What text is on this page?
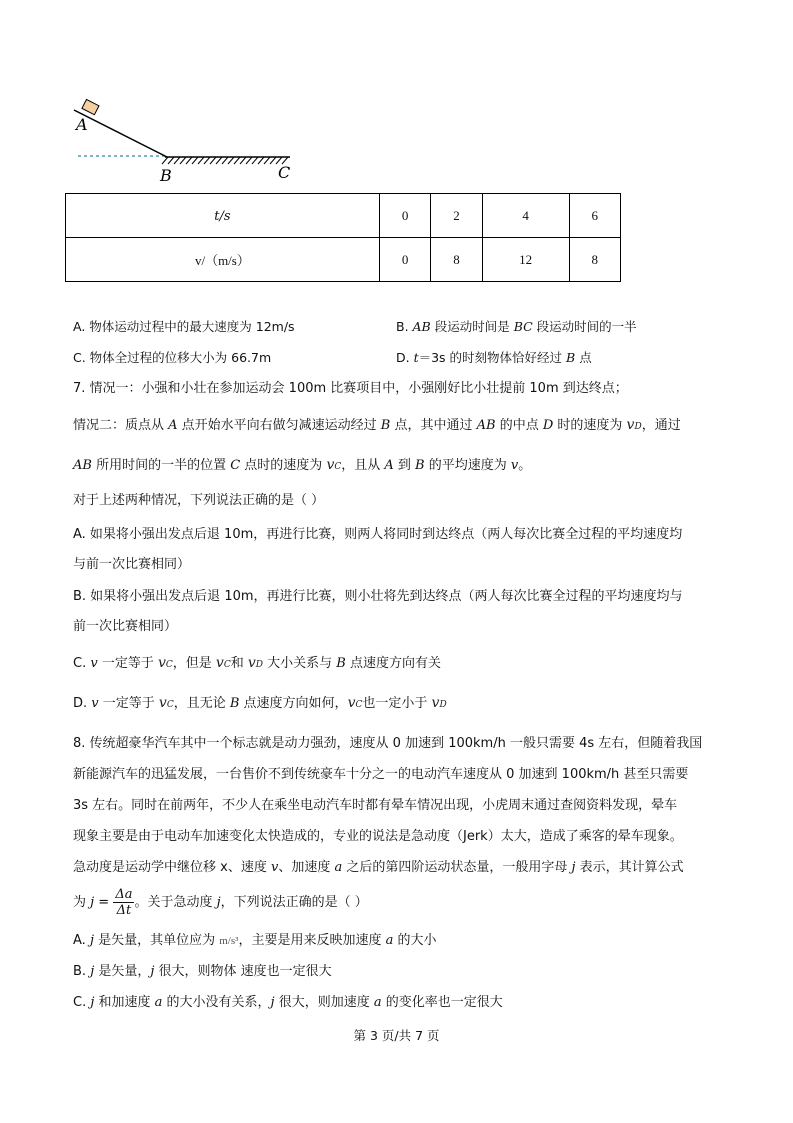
A
B	C
t/s	0	2	4	6
v/（m/s）	0	8	12	8
A. 物体运动过程中的最大速度为 12m/s	B. AB 段运动时间是 BC 段运动时间的一半
C. 物体全过程的位移大小为 66.7m	D. t＝3s 的时刻物体恰好经过 B 点
7. 情况一：小强和小壮在参加运动会 100m 比赛项目中，小强刚好比小壮提前 10m 到达终点；
情况二：质点从 A 点开始水平向右做匀减速运动经过 B 点，其中通过 AB 的中点 D 时的速度为 vD，通过
AB 所用时间的一半的位置 C 点时的速度为 vC，且从 A 到 B 的平均速度为 v。
对于上述两种情况，下列说法正确的是（ ）
A. 如果将小强出发点后退 10m，再进行比赛，则两人将同时到达终点（两人每次比赛全过程的平均速度均
与前一次比赛相同）
B. 如果将小强出发点后退 10m，再进行比赛，则小壮将先到达终点（两人每次比赛全过程的平均速度均与
前一次比赛相同）
C. v 一定等于 vC，但是 vC和 vD 大小关系与 B 点速度方向有关
D. v 一定等于 vC，且无论 B 点速度方向如何，vC也一定小于 vD
8. 传统超豪华汽车其中一个标志就是动力强劲，速度从 0 加速到 100km/h 一般只需要 4s 左右，但随着我国
新能源汽车的迅猛发展，一台售价不到传统豪车十分之一的电动汽车速度从 0 加速到 100km/h 甚至只需要
3s 左右。同时在前两年，不少人在乘坐电动汽车时都有晕车情况出现，小虎周末通过查阅资料发现，晕车
现象主要是由于电动车加速变化太快造成的，专业的说法是急动度（Jerk）太大，造成了乘客的晕车现象。
急动度是运动学中继位移 x、速度 v、加速度 a 之后的第四阶运动状态量，一般用字母 j 表示，其计算公式
为 $j = \frac{\Delta a}{\Delta t}$ 。关于急动度 j，下列说法正确的是（ ）
A. j 是矢量，其单位应为 m/s³，主要是用来反映加速度 a 的大小
B. j 是矢量，j 很大，则物体 速度也一定很大
C. j 和加速度 a 的大小没有关系，j 很大，则加速度 a 的变化率也一定很大
第 3 页/共 7 页
